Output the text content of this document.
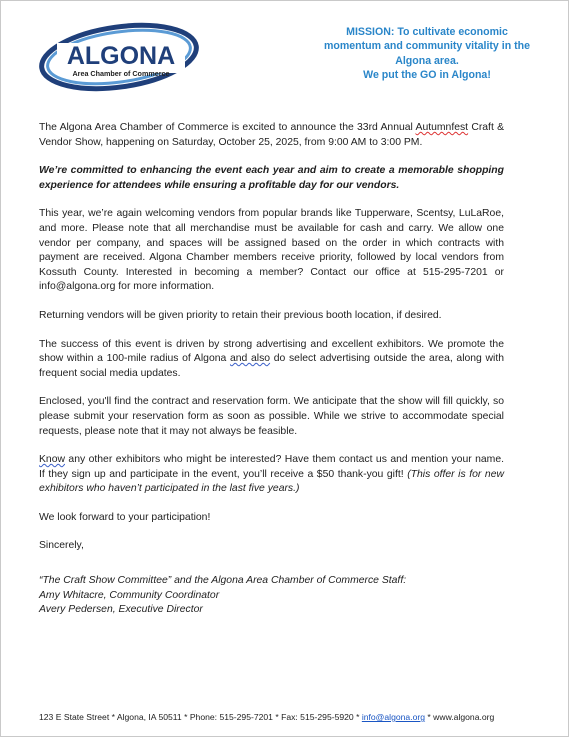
ALGONA
Area Chamber of Commerce
MISSION: To cultivate economic
momentum and community vitality in the
Algona area.
We put the GO in Algona!

The Algona Area Chamber of Commerce is excited to announce the 33rd Annual Autumnfest Craft & Vendor Show, happening on Saturday, October 25, 2025, from 9:00 AM to 3:00 PM.

We’re committed to enhancing the event each year and aim to create a memorable shopping experience for attendees while ensuring a profitable day for our vendors.

This year, we’re again welcoming vendors from popular brands like Tupperware, Scentsy, LuLaRoe, and more. Please note that all merchandise must be available for cash and carry. We allow one vendor per company, and spaces will be assigned based on the order in which contracts with payment are received. Algona Chamber members receive priority, followed by local vendors from Kossuth County. Interested in becoming a member? Contact our office at 515-295-7201 or info@algona.org for more information.

Returning vendors will be given priority to retain their previous booth location, if desired.

The success of this event is driven by strong advertising and excellent exhibitors. We promote the show within a 100-mile radius of Algona and also do select advertising outside the area, along with frequent social media updates.

Enclosed, you'll find the contract and reservation form. We anticipate that the show will fill quickly, so please submit your reservation form as soon as possible. While we strive to accommodate special requests, please note that it may not always be feasible.

Know any other exhibitors who might be interested? Have them contact us and mention your name. If they sign up and participate in the event, you’ll receive a $50 thank-you gift! (This offer is for new exhibitors who haven’t participated in the last five years.)

We look forward to your participation!

Sincerely,

“The Craft Show Committee” and the Algona Area Chamber of Commerce Staff:
Amy Whitacre, Community Coordinator
Avery Pedersen, Executive Director
123 E State Street * Algona, IA 50511 * Phone: 515-295-7201 * Fax: 515-295-5920 * info@algona.org * www.algona.org
